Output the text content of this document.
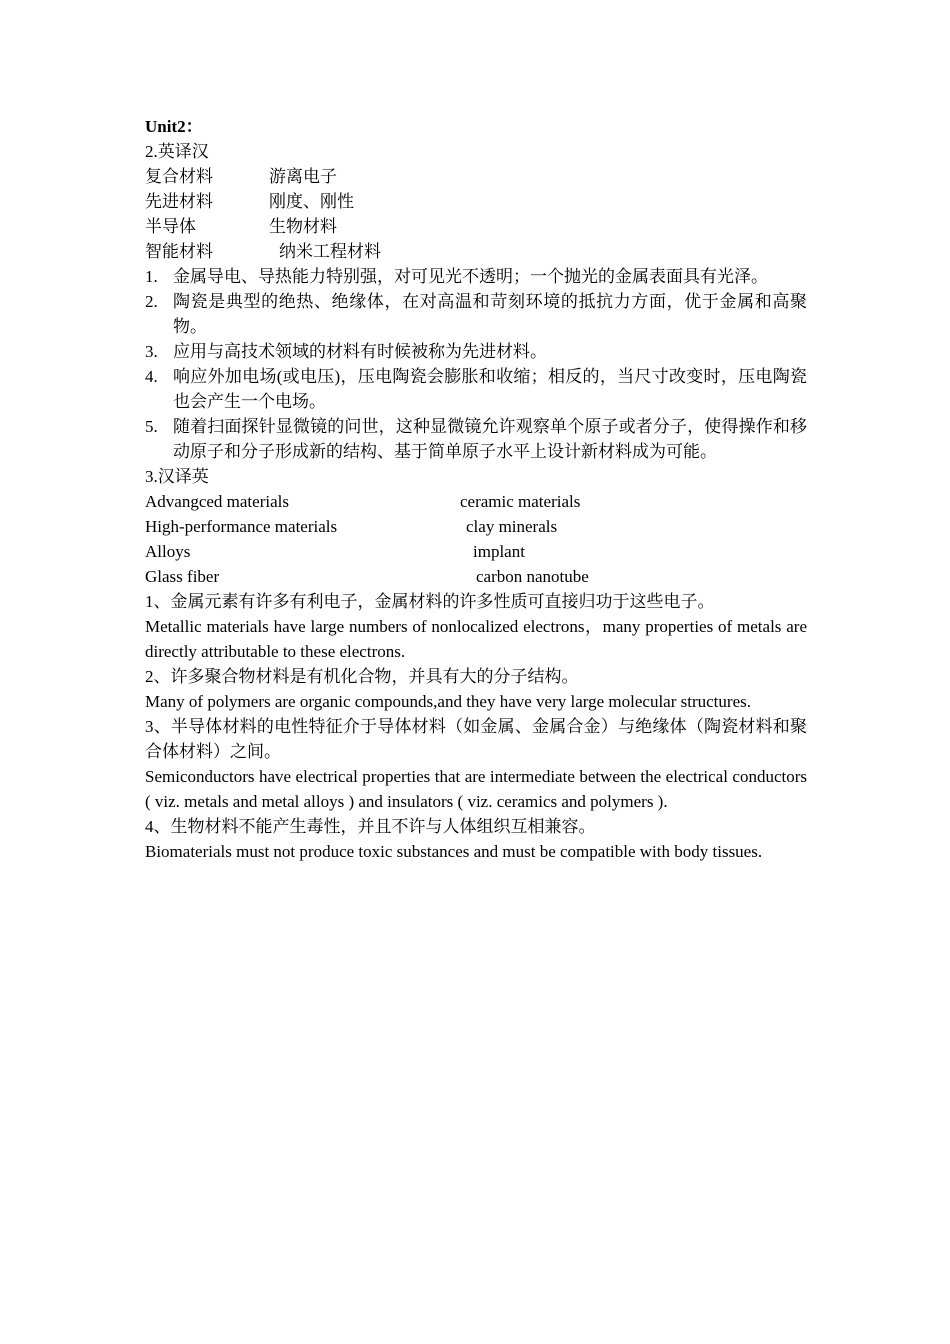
Unit2：
2.英译汉
复合材料	游离电子
先进材料	刚度、刚性
半导体	生物材料
智能材料	纳米工程材料
1. 金属导电、导热能力特别强，对可见光不透明；一个抛光的金属表面具有光泽。
2. 陶瓷是典型的绝热、绝缘体，在对高温和苛刻环境的抵抗力方面，优于金属和高聚物。
3. 应用与高技术领域的材料有时候被称为先进材料。
4. 响应外加电场(或电压)，压电陶瓷会膨胀和收缩；相反的，当尺寸改变时，压电陶瓷也会产生一个电场。
5. 随着扫面探针显微镜的问世，这种显微镜允许观察单个原子或者分子，使得操作和移动原子和分子形成新的结构、基于简单原子水平上设计新材料成为可能。
3.汉译英
Advangced materials	ceramic materials
High-performance materials	clay minerals
Alloys	implant
Glass fiber	carbon nanotube
1、金属元素有许多有利电子，金属材料的许多性质可直接归功于这些电子。
Metallic materials have large numbers of nonlocalized electrons，many properties of metals are directly attributable to these electrons.
2、许多聚合物材料是有机化合物，并具有大的分子结构。
Many of polymers are organic compounds,and they have very large molecular structures.
3、半导体材料的电性特征介于导体材料（如金属、金属合金）与绝缘体（陶瓷材料和聚合体材料）之间。
Semiconductors have electrical properties that are intermediate between the electrical conductors ( viz. metals and metal alloys ) and insulators ( viz. ceramics and polymers ).
4、生物材料不能产生毒性，并且不许与人体组织互相兼容。
Biomaterials must not produce toxic substances and must be compatible with body tissues.
